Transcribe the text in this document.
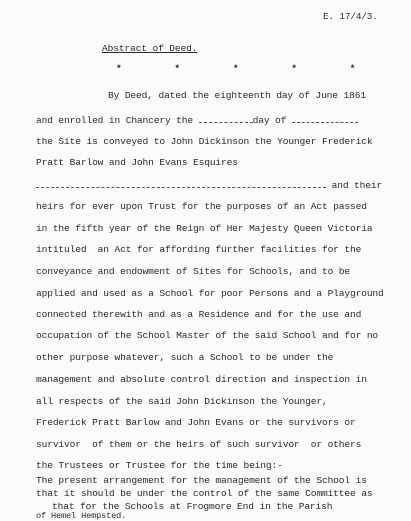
E. 17/4/3.
Abstract of Deed.
*   *   *   *   *
By Deed, dated the eighteenth day of June 1861
and enrolled in Chancery the	day of
the Site is conveyed to John Dickinson the Younger Frederick
Pratt Barlow and John Evans Esquires
and their
heirs for ever upon Trust for the purposes of an Act passed
in the fifth year of the Reign of Her Majesty Queen Victoria
intituled  an Act for affording further facilities for the
conveyance and endowment of Sites for Schools, and to be
applied and used as a School for poor Persons and a Playground
connected therewith and as a Residence and for the use and
occupation of the School Master of the said School and for no
other purpose whatever, such a School to be under the
management and absolute control direction and inspection in
all respects of the said John Dickinson the Younger,
Frederick Pratt Barlow and John Evans or the survivors or
survivor  of them or the heirs of such survivor  or others
the Trustees or Trustee for the time being:-
The present arrangement for the management of the School is
that it should be under the control of the same Committee as
that for the Schools at Frogmore End in the Parish
of Hemel Hempsted.
